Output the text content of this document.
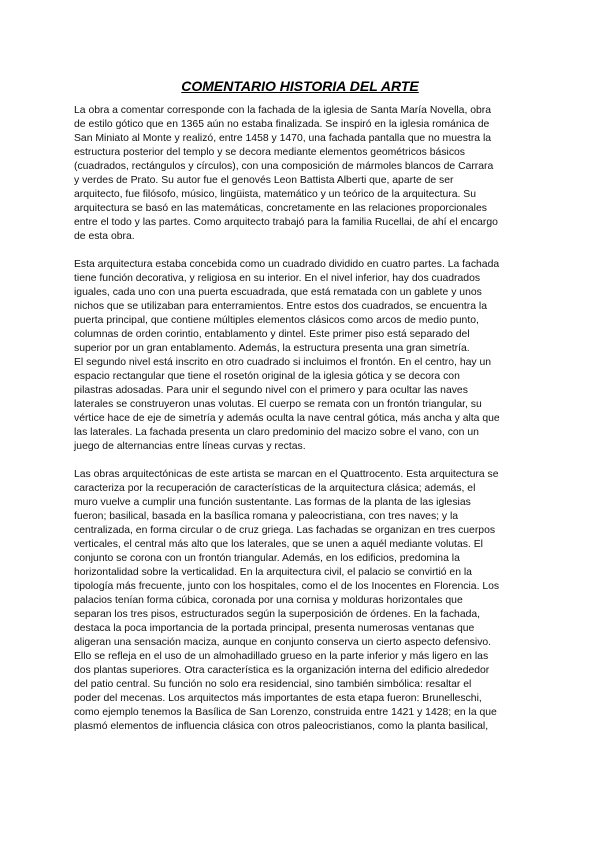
COMENTARIO HISTORIA DEL ARTE
La obra a comentar corresponde con la fachada de la iglesia de Santa María Novella, obra
de estilo gótico que en 1365 aún no estaba finalizada. Se inspiró en la iglesia románica de
San Miniato al Monte y realizó, entre 1458 y 1470, una fachada pantalla que no muestra la
estructura posterior del templo y se decora mediante elementos geométricos básicos
(cuadrados, rectángulos y círculos), con una composición de mármoles blancos de Carrara
y verdes de Prato. Su autor fue el genovés Leon Battista Alberti que, aparte de ser
arquitecto, fue filósofo, músico, lingüista, matemático y un teórico de la arquitectura. Su
arquitectura se basó en las matemáticas, concretamente en las relaciones proporcionales
entre el todo y las partes. Como arquitecto trabajó para la familia Rucellai, de ahí el encargo
de esta obra.
Esta arquitectura estaba concebida como un cuadrado dividido en cuatro partes. La fachada
tiene función decorativa, y religiosa en su interior. En el nivel inferior, hay dos cuadrados
iguales, cada uno con una puerta escuadrada, que está rematada con un gablete y unos
nichos que se utilizaban para enterramientos. Entre estos dos cuadrados, se encuentra la
puerta principal, que contiene múltiples elementos clásicos como arcos de medio punto,
columnas de orden corintio, entablamento y dintel. Este primer piso está separado del
superior por un gran entablamento. Además, la estructura presenta una gran simetría.
El segundo nivel está inscrito en otro cuadrado si incluimos el frontón. En el centro, hay un
espacio rectangular que tiene el rosetón original de la iglesia gótica y se decora con
pilastras adosadas. Para unir el segundo nivel con el primero y para ocultar las naves
laterales se construyeron unas volutas. El cuerpo se remata con un frontón triangular, su
vértice hace de eje de simetría y además oculta la nave central gótica, más ancha y alta que
las laterales. La fachada presenta un claro predominio del macizo sobre el vano, con un
juego de alternancias entre líneas curvas y rectas.
Las obras arquitectónicas de este artista se marcan en el Quattrocento. Esta arquitectura se
caracteriza por la recuperación de características de la arquitectura clásica; además, el
muro vuelve a cumplir una función sustentante. Las formas de la planta de las iglesias
fueron; basilical, basada en la basílica romana y paleocristiana, con tres naves; y la
centralizada, en forma circular o de cruz griega. Las fachadas se organizan en tres cuerpos
verticales, el central más alto que los laterales, que se unen a aquél mediante volutas. El
conjunto se corona con un frontón triangular. Además, en los edificios, predomina la
horizontalidad sobre la verticalidad. En la arquitectura civil, el palacio se convirtió en la
tipología más frecuente, junto con los hospitales, como el de los Inocentes en Florencia. Los
palacios tenían forma cúbica, coronada por una cornisa y molduras horizontales que
separan los tres pisos, estructurados según la superposición de órdenes. En la fachada,
destaca la poca importancia de la portada principal, presenta numerosas ventanas que
aligeran una sensación maciza, aunque en conjunto conserva un cierto aspecto defensivo.
Ello se refleja en el uso de un almohadillado grueso en la parte inferior y más ligero en las
dos plantas superiores. Otra característica es la organización interna del edificio alrededor
del patio central. Su función no solo era residencial, sino también simbólica: resaltar el
poder del mecenas. Los arquitectos más importantes de esta etapa fueron: Brunelleschi,
como ejemplo tenemos la Basílica de San Lorenzo, construida entre 1421 y 1428; en la que
plasmó elementos de influencia clásica con otros paleocristianos, como la planta basilical,
